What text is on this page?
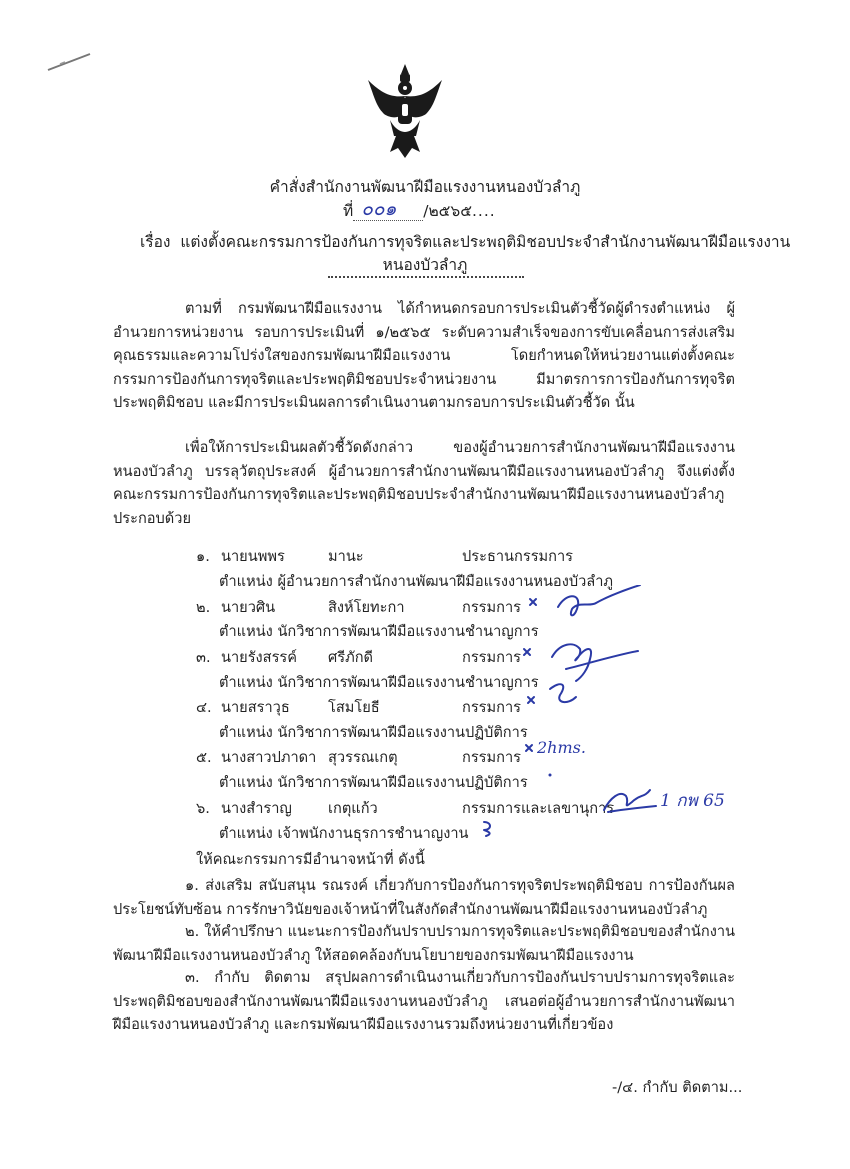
คำสั่งสำนักงานพัฒนาฝีมือแรงงานหนองบัวลำภู
ที่ ๐๐๑ /๒๕๖๕....
เรื่อง แต่งตั้งคณะกรรมการป้องกันการทุจริตและประพฤติมิชอบประจำสำนักงานพัฒนาฝีมือแรงงาน
หนองบัวลำภู
ตามที่ กรมพัฒนาฝีมือแรงงาน ได้กำหนดกรอบการประเมินตัวชี้วัดผู้ดำรงตำแหน่ง ผู้อำนวยการหน่วยงาน รอบการประเมินที่ ๑/๒๕๖๕ ระดับความสำเร็จของการขับเคลื่อนการส่งเสริมคุณธรรมและความโปร่งใสของกรมพัฒนาฝีมือแรงงาน โดยกำหนดให้หน่วยงานแต่งตั้งคณะกรรมการป้องกันการทุจริตและประพฤติมิชอบประจำหน่วยงาน มีมาตรการการป้องกันการทุจริตประพฤติมิชอบ และมีการประเมินผลการดำเนินงานตามกรอบการประเมินตัวชี้วัด นั้น
เพื่อให้การประเมินผลตัวชี้วัดดังกล่าว ของผู้อำนวยการสำนักงานพัฒนาฝีมือแรงงานหนองบัวลำภู บรรลุวัตถุประสงค์ ผู้อำนวยการสำนักงานพัฒนาฝีมือแรงงานหนองบัวลำภู จึงแต่งตั้งคณะกรรมการป้องกันการทุจริตและประพฤติมิชอบประจำสำนักงานพัฒนาฝีมือแรงงานหนองบัวลำภู ประกอบด้วย
๑. นายนพพร	มานะ	ประธานกรรมการ
ตำแหน่ง ผู้อำนวยการสำนักงานพัฒนาฝีมือแรงงานหนองบัวลำภู
๒. นายวศิน	สิงห์โยทะกา	กรรมการ
ตำแหน่ง นักวิชาการพัฒนาฝีมือแรงงานชำนาญการ
๓. นายรังสรรค์ ศรีภักดี	กรรมการ
ตำแหน่ง นักวิชาการพัฒนาฝีมือแรงงานชำนาญการ
๔. นายสราวุธ	โสมโยธี	กรรมการ
ตำแหน่ง นักวิชาการพัฒนาฝีมือแรงงานปฏิบัติการ
๕. นางสาวปภาดา สุวรรณเกตุ	กรรมการ
ตำแหน่ง นักวิชาการพัฒนาฝีมือแรงงานปฏิบัติการ
๖. นางสำราญ เกตุแก้ว	กรรมการและเลขานุการ
ตำแหน่ง เจ้าพนักงานธุรการชำนาญงาน
2hms.
1 กพ 65
ให้คณะกรรมการมีอำนาจหน้าที่ ดังนี้
๑. ส่งเสริม สนับสนุน รณรงค์ เกี่ยวกับการป้องกันการทุจริตประพฤติมิชอบ การป้องกันผลประโยชน์ทับซ้อน การรักษาวินัยของเจ้าหน้าที่ในสังกัดสำนักงานพัฒนาฝีมือแรงงานหนองบัวลำภู
๒. ให้คำปรึกษา แนะนะการป้องกันปราบปรามการทุจริตและประพฤติมิชอบของสำนักงานพัฒนาฝีมือแรงงานหนองบัวลำภู ให้สอดคล้องกับนโยบายของกรมพัฒนาฝีมือแรงงาน
๓. กำกับ ติดตาม สรุปผลการดำเนินงานเกี่ยวกับการป้องกันปราบปรามการทุจริตและประพฤติมิชอบของสำนักงานพัฒนาฝีมือแรงงานหนองบัวลำภู เสนอต่อผู้อำนวยการสำนักงานพัฒนาฝีมือแรงงานหนองบัวลำภู และกรมพัฒนาฝีมือแรงงานรวมถึงหน่วยงานที่เกี่ยวข้อง
-/๔. กำกับ ติดตาม...
